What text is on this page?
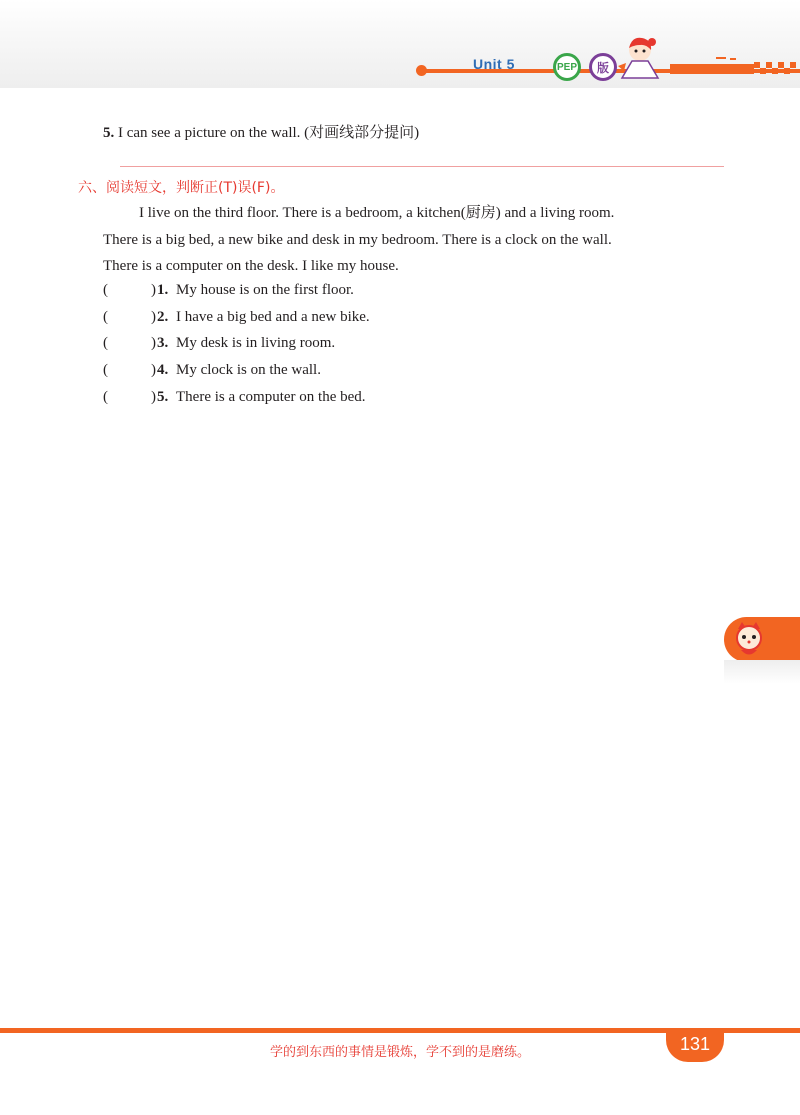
Unit 5	PEP	版
5. I can see a picture on the wall. (对画线部分提问)
六、阅读短文，判断正(T)误(F)。
I live on the third floor. There is a bedroom, a kitchen(厨房) and a living room.
There is a big bed, a new bike and desk in my bedroom. There is a clock on the wall.
There is a computer on the desk. I like my house.
(	) 1. My house is on the first floor.
(	) 2. I have a big bed and a new bike.
(	) 3. My desk is in living room.
(	) 4. My clock is on the wall.
(	) 5. There is a computer on the bed.
学的到东西的事情是锻炼，学不到的是磨练。	131
